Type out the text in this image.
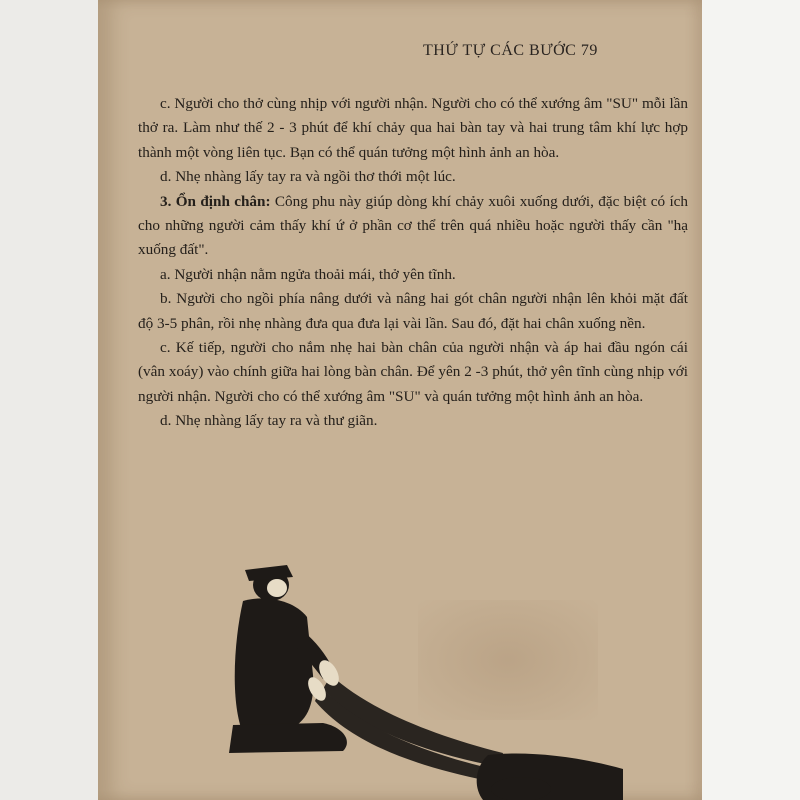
THỨ TỰ CÁC BƯỚC 79

c. Người cho thở cùng nhịp với người nhận. Người cho có thể xướng âm "SU" mỗi lần thở ra. Làm như thế 2 - 3 phút để khí chảy qua hai bàn tay và hai trung tâm khí lực hợp thành một vòng liên tục. Bạn có thể quán tưởng một hình ảnh an hòa.

d. Nhẹ nhàng lấy tay ra và ngồi thơ thới một lúc.

3. Ổn định chân: Công phu này giúp dòng khí chảy xuôi xuống dưới, đặc biệt có ích cho những người cảm thấy khí ứ ở phần cơ thể trên quá nhiều hoặc người thấy cần "hạ xuống đất".

a. Người nhận nằm ngửa thoải mái, thở yên tĩnh.

b. Người cho ngồi phía nâng dưới và nâng hai gót chân người nhận lên khỏi mặt đất độ 3-5 phân, rồi nhẹ nhàng đưa qua đưa lại vài lần. Sau đó, đặt hai chân xuống nền.

c. Kế tiếp, người cho nắm nhẹ hai bàn chân của người nhận và áp hai đầu ngón cái (vân xoáy) vào chính giữa hai lòng bàn chân. Để yên 2 -3 phút, thở yên tĩnh cùng nhịp với người nhận. Người cho có thể xướng âm "SU" và quán tưởng một hình ảnh an hòa.

d. Nhẹ nhàng lấy tay ra và thư giãn.
